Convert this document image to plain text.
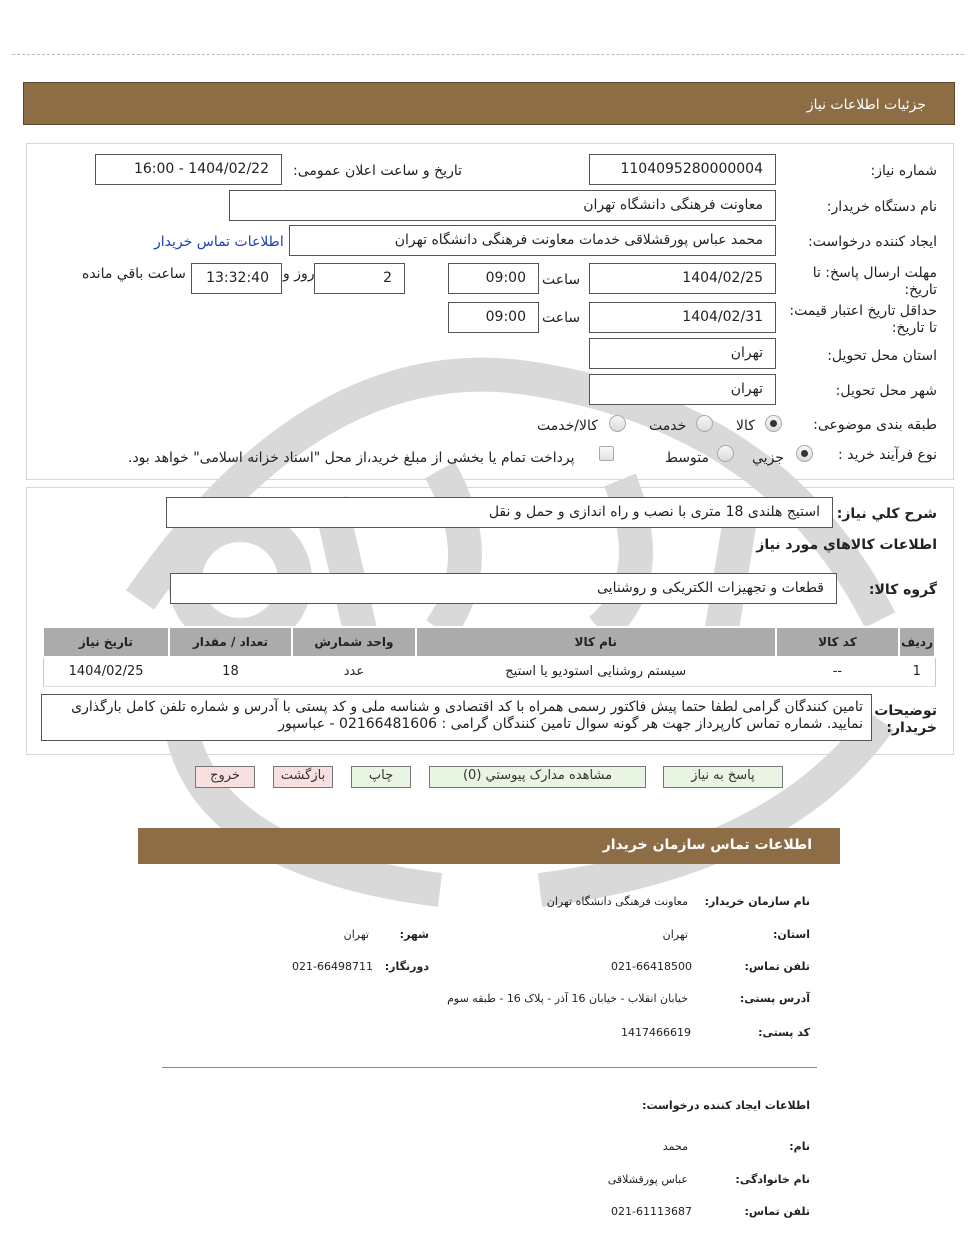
جزئیات اطلاعات نیاز
شماره نیاز:
1104095280000004
تاریخ و ساعت اعلان عمومی:
1404/02/22 - 16:00
نام دستگاه خریدار:
معاونت فرهنگی دانشگاه تهران
ایجاد کننده درخواست:
محمد عباس پورقشلاقی خدمات معاونت فرهنگی دانشگاه تهران
اطلاعات تماس خریدار
مهلت ارسال پاسخ: تا تاریخ:
1404/02/25
ساعت
09:00
2
روز و
13:32:40
ساعت باقي مانده
حداقل تاریخ اعتبار قیمت: تا تاریخ:
1404/02/31
ساعت
09:00
استان محل تحویل:
تهران
شهر محل تحویل:
تهران
طبقه بندی موضوعی:
کالا
خدمت
کالا/خدمت
نوع فرآیند خرید :
جزیي
متوسط
پرداخت تمام یا بخشی از مبلغ خرید،از محل "اسناد خزانه اسلامی" خواهد بود.
شرح کلي نياز:
استیج هلندی 18 متری با نصب و راه اندازی و حمل و نقل
اطلاعات کالاهاي مورد نياز
گروه کالا:
قطعات و تجهیزات الکتریکی و روشنایی
رديف	کد کالا	نام کالا	واحد شمارش	تعداد / مقدار	تاریخ نیاز
1	--	سیستم روشنایی استودیو یا استیج	عدد	18	1404/02/25
توضیحات خریدار:
تامین کنندگان گرامی لطفا حتما پیش فاکتور رسمی همراه با کد اقتصادی و شناسه ملی و کد پستی با آدرس و شماره تلفن کامل بارگذاری نمایید. شماره تماس کارپرداز جهت هر گونه سوال تامین کنندگان گرامی : 02166481606 - عباسپور
پاسخ به نیاز
مشاهده مدارک پیوستي (0)
چاپ
بازگشت
خروج
اطلاعات تماس سازمان خریدار
نام سازمان خریدار:
معاونت فرهنگی دانشگاه تهران
استان:
تهران
شهر:
تهران
تلفن تماس:
021-66418500
دورنگار:
021-66498711
آدرس پستی:
خیابان انقلاب - خیابان 16 آذر - پلاک 16 - طبقه سوم
کد پستی:
1417466619
اطلاعات ایجاد کننده درخواست:
نام:
محمد
نام خانوادگی:
عباس پورقشلاقی
تلفن تماس:
021-61113687
